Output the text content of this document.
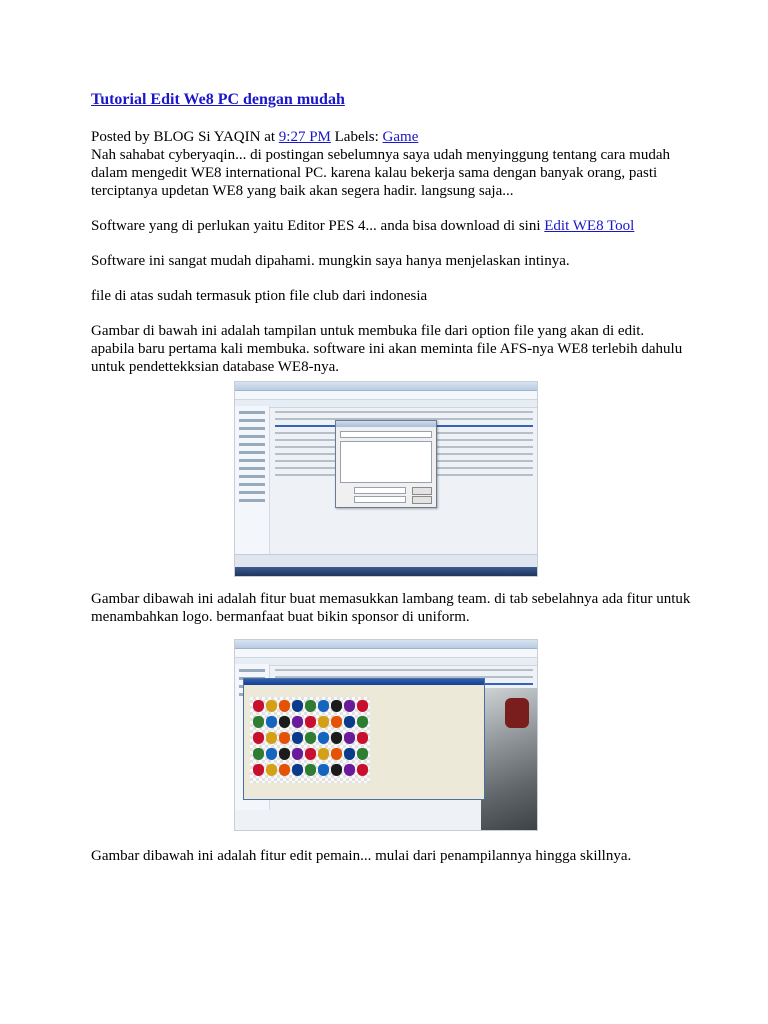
Tutorial Edit We8 PC dengan mudah

Posted by BLOG Si YAQIN at 9:27 PM Labels: Game

Nah sahabat cyberyaqin... di postingan sebelumnya saya udah menyinggung tentang cara mudah dalam mengedit WE8 international PC. karena kalau bekerja sama dengan banyak orang, pasti terciptanya updetan WE8 yang baik akan segera hadir. langsung saja...

Software yang di perlukan yaitu Editor PES 4... anda bisa download di sini Edit WE8 Tool

Software ini sangat mudah dipahami. mungkin saya hanya menjelaskan intinya.

file di atas sudah termasuk ption file club dari indonesia

Gambar di bawah ini adalah tampilan untuk membuka file dari option file yang akan di edit. apabila baru pertama kali membuka. software ini akan meminta file AFS-nya WE8 terlebih dahulu untuk pendettekksian database WE8-nya.

Gambar dibawah ini adalah fitur buat memasukkan lambang team. di tab sebelahnya ada fitur untuk menambahkan logo. bermanfaat buat bikin sponsor di uniform.

Gambar dibawah ini adalah fitur edit pemain... mulai dari penampilannya hingga skillnya.
